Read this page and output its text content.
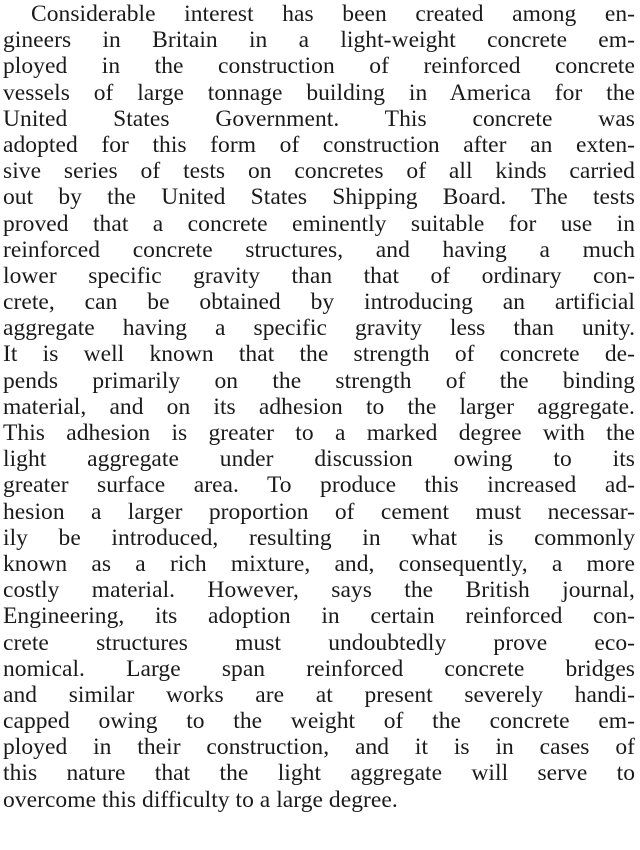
Considerable interest has been created among en-
gineers in Britain in a light-weight concrete em-
ployed in the construction of reinforced concrete
vessels of large tonnage building in America for the
United States Government. This concrete was
adopted for this form of construction after an exten-
sive series of tests on concretes of all kinds carried
out by the United States Shipping Board. The tests
proved that a concrete eminently suitable for use in
reinforced concrete structures, and having a much
lower specific gravity than that of ordinary con-
crete, can be obtained by introducing an artificial
aggregate having a specific gravity less than unity.
It is well known that the strength of concrete de-
pends primarily on the strength of the binding
material, and on its adhesion to the larger aggregate.
This adhesion is greater to a marked degree with the
light aggregate under discussion owing to its
greater surface area. To produce this increased ad-
hesion a larger proportion of cement must necessar-
ily be introduced, resulting in what is commonly
known as a rich mixture, and, consequently, a more
costly material. However, says the British journal,
Engineering, its adoption in certain reinforced con-
crete structures must undoubtedly prove eco-
nomical. Large span reinforced concrete bridges
and similar works are at present severely handi-
capped owing to the weight of the concrete em-
ployed in their construction, and it is in cases of
this nature that the light aggregate will serve to
overcome this difficulty to a large degree.
